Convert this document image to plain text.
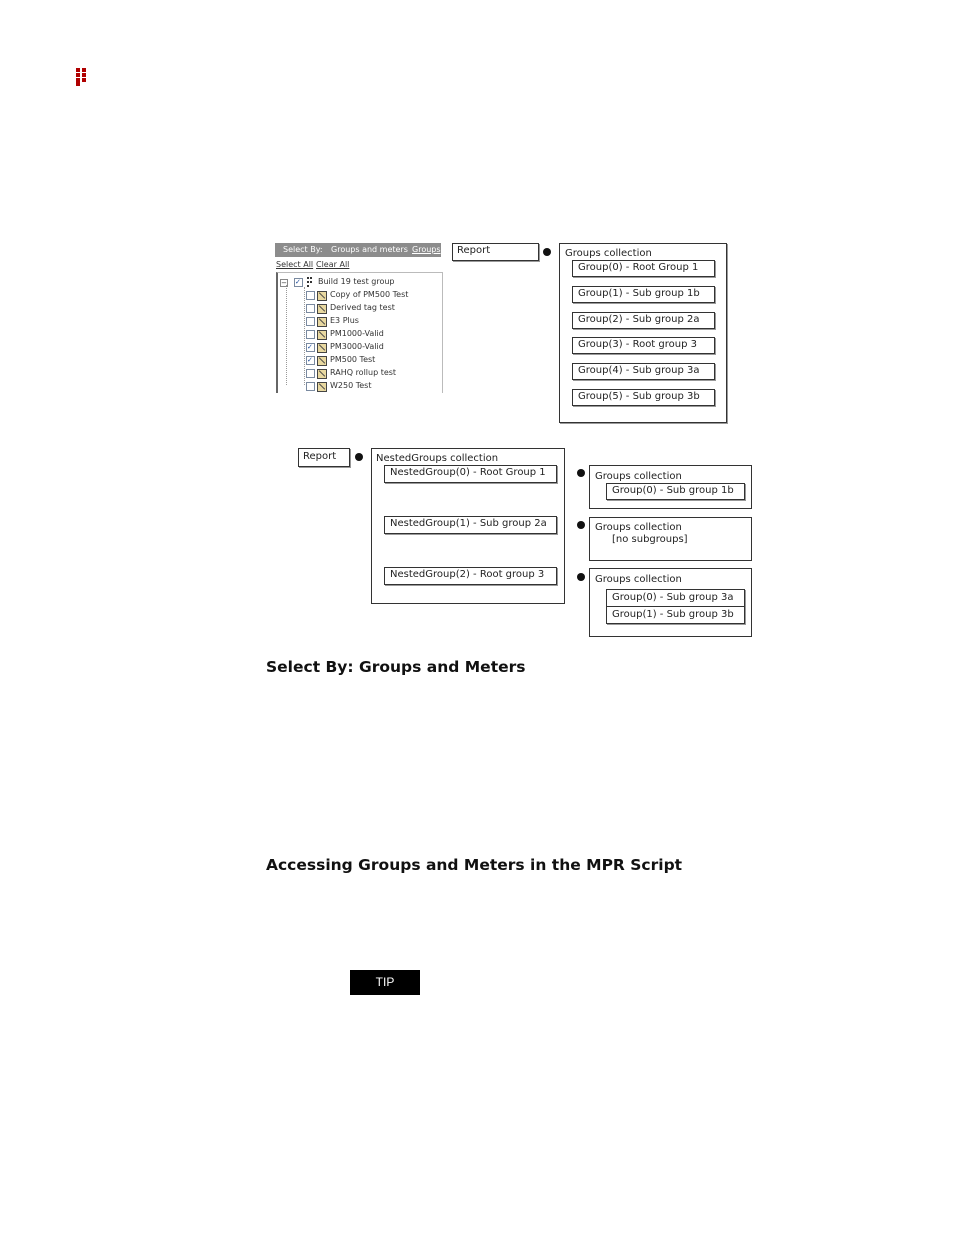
Select By: Groups and meters Groups
Select All Clear All
−
✓	Build 19 test group
Copy of PM500 Test
Derived tag test
E3 Plus
PM1000-Valid
✓
PM3000-Valid
✓
PM500 Test
RAHQ rollup test
W250 Test
Report	Groups collection
Group(0) - Root Group 1
Group(1) - Sub group 1b
Group(2) - Sub group 2a
Group(3) - Root group 3
Group(4) - Sub group 3a
Group(5) - Sub group 3b
Report	NestedGroups collection
NestedGroup(0) - Root Group 1
NestedGroup(1) - Sub group 2a
NestedGroup(2) - Root group 3
Groups collection
Group(0) - Sub group 1b
Groups collection
[no subgroups]
Groups collection
Group(0) - Sub group 3a
Group(1) - Sub group 3b
Select By: Groups and Meters
Accessing Groups and Meters in the MPR Script
TIP
